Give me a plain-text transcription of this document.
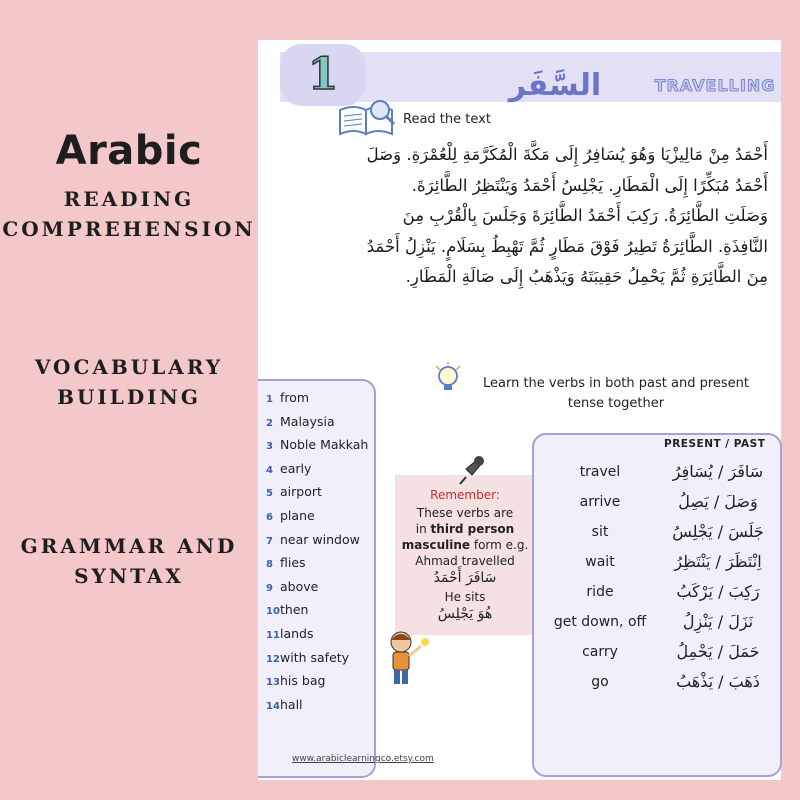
Arabic
READING
COMPREHENSION
VOCABULARY
BUILDING
GRAMMAR AND
SYNTAX
السَّفَر	TRAVELLING
1
Read the text
أَحْمَدُ مِنْ مَالِيزْيَا وَهُوَ يُسَافِرُ إِلَى مَكَّةَ الْمُكَرَّمَةِ لِلْعُمْرَةِ. وَصَلَ
أَحْمَدُ مُبَكِّرًا إِلَى الْمَطَارِ. يَجْلِسُ أَحْمَدُ وَيَنْتَظِرُ الطَّائِرَةَ.
وَصَلَتِ الطَّائِرَةُ. رَكِبَ أَحْمَدُ الطَّائِرَةَ وَجَلَسَ بِالْقُرْبِ مِنَ
النَّافِذَةِ. الطَّائِرَةُ تَطِيرُ فَوْقَ مَطَارٍ ثُمَّ تَهْبِطُ بِسَلَامٍ. يَنْزِلُ أَحْمَدُ
مِنَ الطَّائِرَةِ ثُمَّ يَحْمِلُ حَقِيبَتَهُ وَيَذْهَبُ إِلَى صَالَةِ الْمَطَارِ.
Learn the verbs in both past and present tense together
1 from
2 Malaysia
3 Noble Makkah
4 early
5 airport
6 plane
7 near window
8 flies
9 above
10then
11lands
12with safety
13his bag
14hall
Remember:
These verbs are
in third person
masculine form e.g.
Ahmad travelled
سَافَرَ أَحْمَدُ
He sits
هُوَ يَجْلِسُ
PRESENT / PAST
travel	سَافَرَ / يُسَافِرُ
arrive	وَصَلَ / يَصِلُ
sit	جَلَسَ / يَجْلِسُ
wait	اِنْتَظَرَ / يَنْتَظِرُ
ride	رَكِبَ / يَرْكَبُ
get down, off	نَزَلَ / يَنْزِلُ
carry	حَمَلَ / يَحْمِلُ
go	ذَهَبَ / يَذْهَبُ
www.arabiclearningco.etsy.com
